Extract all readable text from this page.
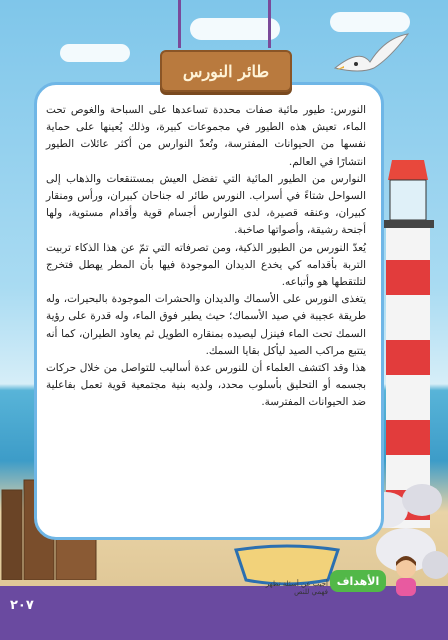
طائر النورس

النورس: طيور مائية صفات محددة تساعدها على السباحة والغوص تحت الماء، تعيش هذه الطيور في مجموعات كبيرة، وذلك يُعينها على حماية نفسها من الحيوانات المفترسة، وتُعدّ النوارس من أكثر عائلات الطيور انتشارًا في العالم.

النوارس من الطيور المائية التي تفضل العيش بمستنقعات والذهاب إلى السواحل شتاءً في أسراب. النورس طائر له جناحان كبيران، ورأس ومنقار كبيران، وعنقه قصيرة، لدى النوارس أجسام قوية وأقدام مستوية، ولها أجنحة رشيقة، وأصواتها صاخبة.

يُعدّ النورس من الطيور الذكية، ومن تصرفاته التي تمّ عن هذا الذكاء تربيت التربة بأقدامه كي يخدع الديدان الموجودة فيها بأن المطر يهطل فتخرج لتلتقطها هو وأتباعه.

يتغذى النورس على الأسماك والديدان والحشرات الموجودة بالبحيرات، وله طريقة عجيبة في صيد الأسماك؛ حيث يطير فوق الماء، وله قدرة على رؤية السمك تحت الماء فينزل ليصيده بمنقاره الطويل ثم يعاود الطيران، كما أنه يتتبع مراكب الصيد ليأكل بقايا السمك.

هذا وقد اكتشف العلماء أن للنورس عدة أساليب للتواصل من خلال حركات بجسمه أو التحليق بأسلوب محدد، ولديه بنية مجتمعية قوية تعمل بفاعلية ضد الحيوانات المفترسة.

٢٠٧
أجيب عن أسئلة تظهر فهمي للنص
الأهداف
